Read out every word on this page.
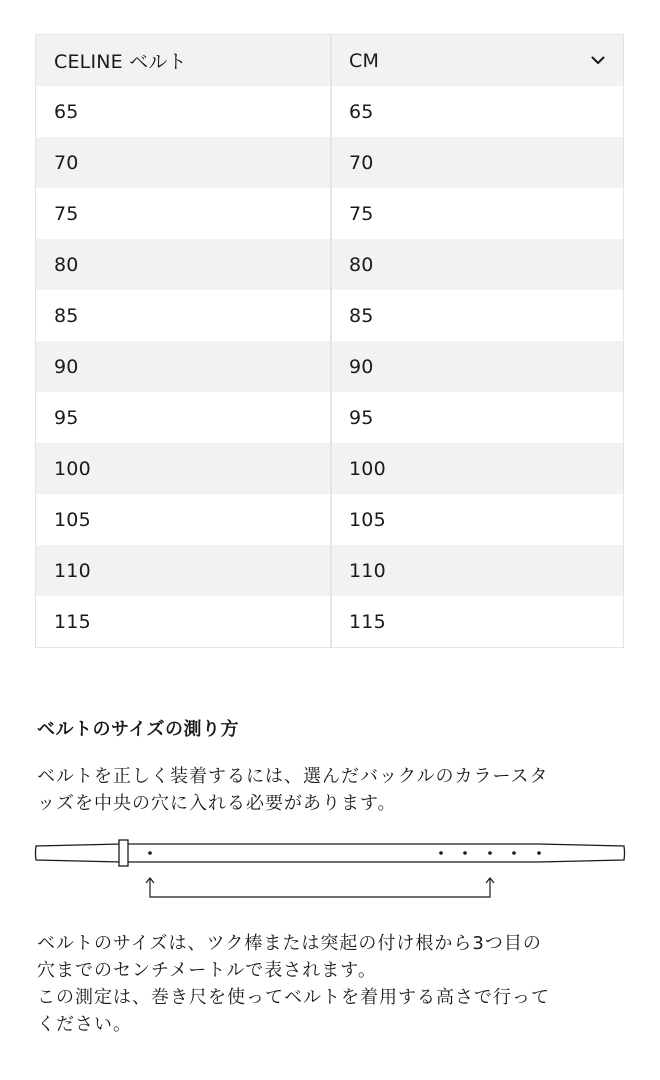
CELINE ベルト	CM
65	65
70	70
75	75
80	80
85	85
90	90
95	95
100	100
105	105
110	110
115	115
ベルトのサイズの測り方
ベルトを正しく装着するには、選んだバックルのカラースタ
ッズを中央の穴に入れる必要があります。
ベルトのサイズは、ツク棒または突起の付け根から3つ目の
穴までのセンチメートルで表されます。
この測定は、巻き尺を使ってベルトを着用する高さで行って
ください。
